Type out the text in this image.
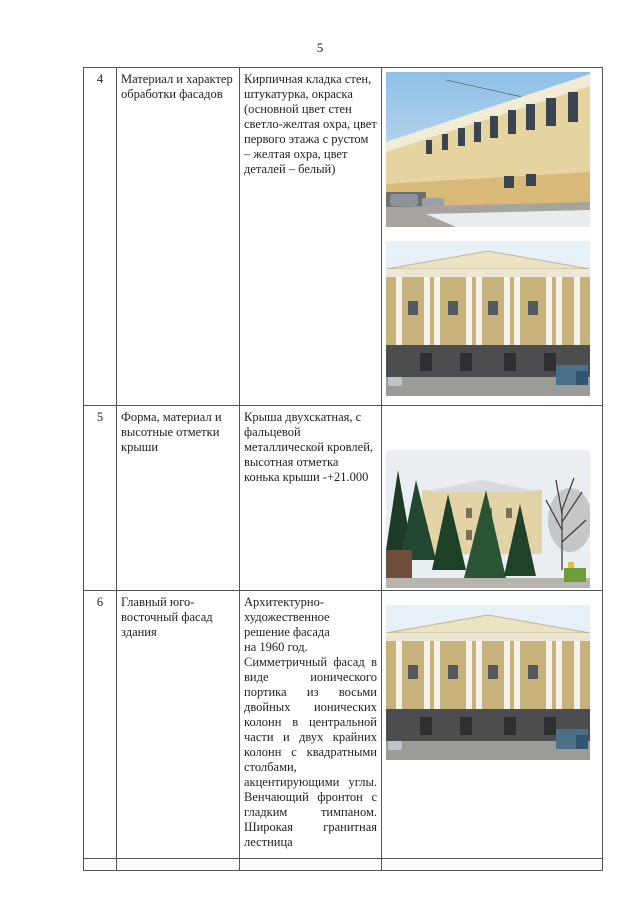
5
4	Материал и характер обработки фасадов	Кирпичная кладка стен, штукатурка, окраска (основной цвет стен светло-желтая охра, цвет первого этажа с рустом – желтая охра, цвет деталей – белый)	

5	Форма, материал и высотные отметки крыши	Крыша двухскатная, с фальцевой металлической кровлей, высотная отметка конька крыши -+21.000	

6	Главный юго-восточный фасад здания	Архитектурно-
художественное
решение фасада
на 1960 год.
Симметричный фасад в виде ионического портика из восьми двойных ионических колонн в центральной части и двух крайних колонн с квадратными столбами, акцентирующими углы. Венчающий фронтон с гладким тимпаном. Широкая гранитная лестница
